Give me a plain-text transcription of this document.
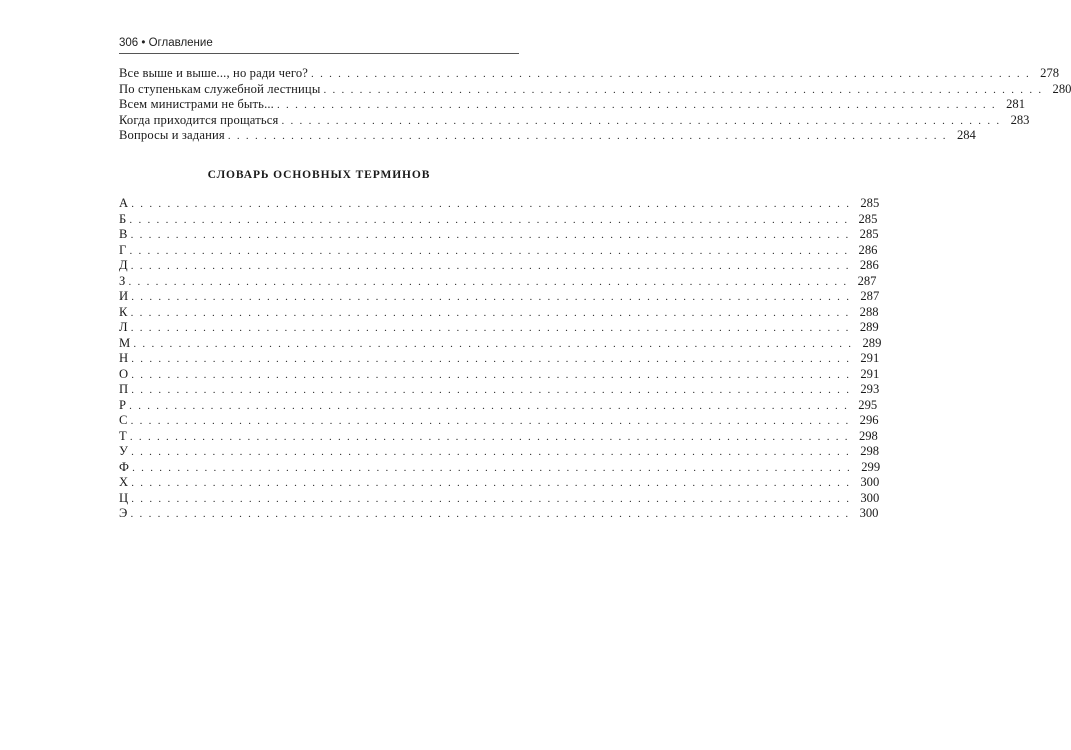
306 • Оглавление
Все выше и выше..., но ради чего? ................................................................................ 278
По ступенькам служебной лестницы ................................................................................ 280
Всем министрами не быть... ................................................................................ 281
Когда приходится прощаться ................................................................................ 283
Вопросы и задания ................................................................................ 284
СЛОВАРЬ ОСНОВНЫХ ТЕРМИНОВ
А ................................................................................ 285
Б ................................................................................ 285
В ................................................................................ 285
Г ................................................................................ 286
Д ................................................................................ 286
З ................................................................................ 287
И ................................................................................ 287
К ................................................................................ 288
Л ................................................................................ 289
М ................................................................................ 289
Н ................................................................................ 291
О ................................................................................ 291
П ................................................................................ 293
Р ................................................................................ 295
С ................................................................................ 296
Т ................................................................................ 298
У ................................................................................ 298
Ф ................................................................................ 299
Х ................................................................................ 300
Ц ................................................................................ 300
Э ................................................................................ 300
